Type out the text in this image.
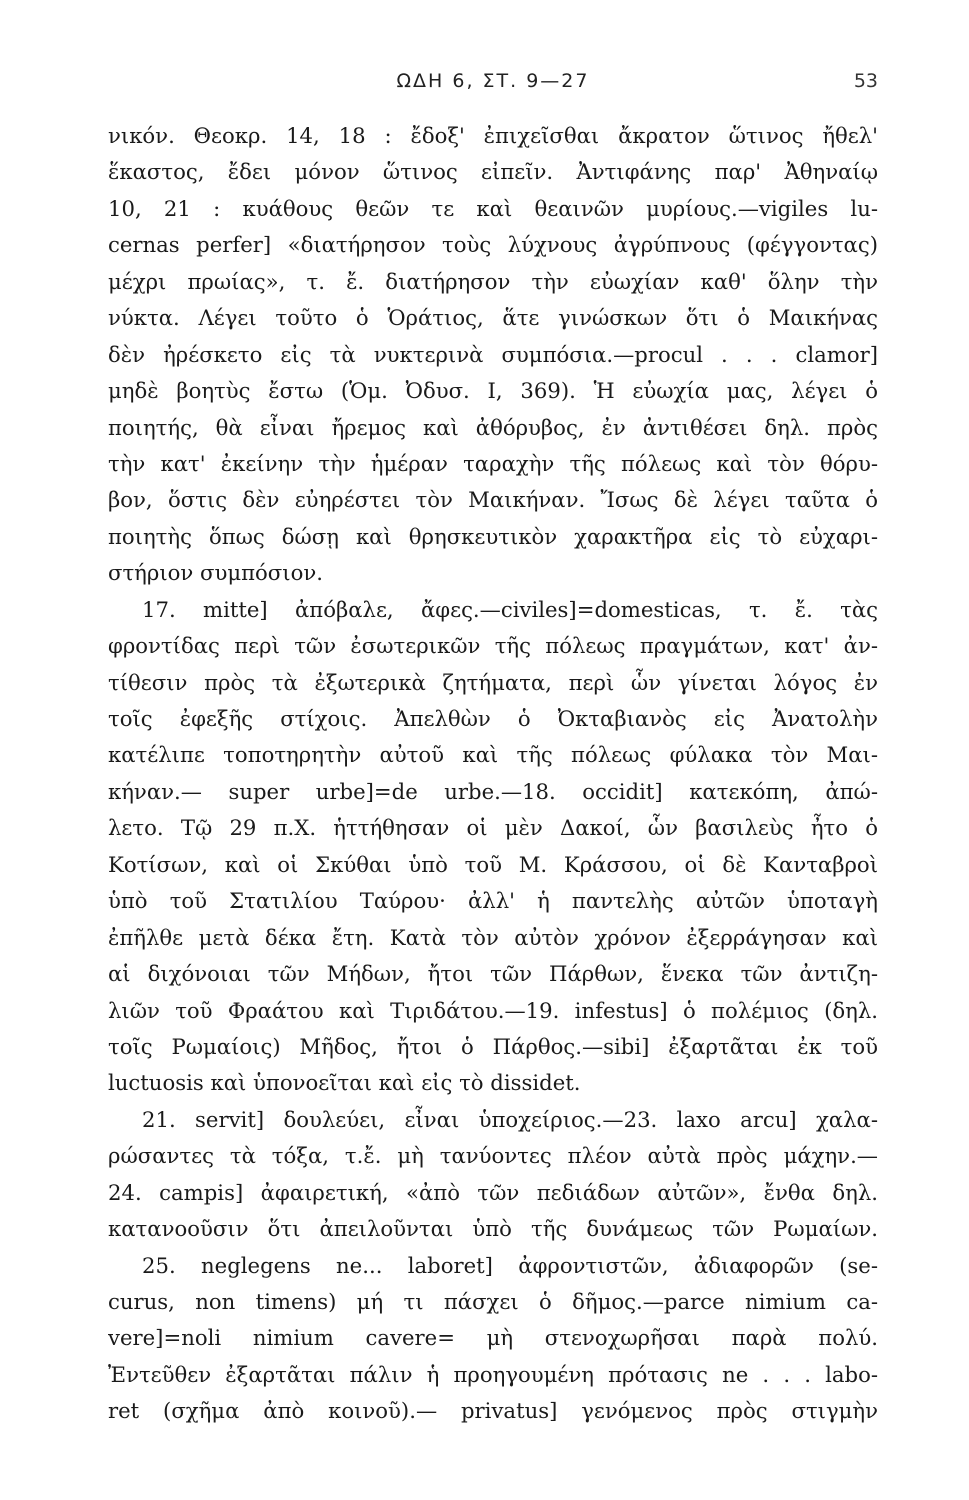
ΩΔΗ 6, ΣΤ. 9—27	53
νικόν. Θεοκρ. 14, 18 : ἔδοξ' ἐπιχεῖσθαι ἄκρατον ὥτινος ἤθελ'
ἕκαστος, ἔδει μόνον ὥτινος εἰπεῖν. Ἀντιφάνης παρ' Ἀθηναίῳ
10, 21 : κυάθους θεῶν τε καὶ θεαινῶν μυρίους.—vigiles lu-
cernas perfer] «διατήρησον τοὺς λύχνους ἀγρύπνους (φέγγοντας)
μέχρι πρωίας», τ. ἔ. διατήρησον τὴν εὐωχίαν καθ' ὅλην τὴν
νύκτα. Λέγει τοῦτο ὁ Ὁράτιος, ἅτε γινώσκων ὅτι ὁ Μαικήνας
δὲν ἠρέσκετο εἰς τὰ νυκτερινὰ συμπόσια.—procul . . . clamor]
μηδὲ βοητὺς ἔστω (Ὁμ. Ὀδυσ. Ι, 369). Ἡ εὐωχία μας, λέγει ὁ
ποιητής, θὰ εἶναι ἤρεμος καὶ ἀθόρυβος, ἐν ἀντιθέσει δηλ. πρὸς
τὴν κατ' ἐκείνην τὴν ἡμέραν ταραχὴν τῆς πόλεως καὶ τὸν θόρυ-
βον, ὅστις δὲν εὐηρέστει τὸν Μαικήναν. Ἴσως δὲ λέγει ταῦτα ὁ
ποιητὴς ὅπως δώσῃ καὶ θρησκευτικὸν χαρακτῆρα εἰς τὸ εὐχαρι-
στήριον συμπόσιον.
17. mitte] ἀπόβαλε, ἄφες.—civiles]=domesticas, τ. ἔ. τὰς
φροντίδας περὶ τῶν ἐσωτερικῶν τῆς πόλεως πραγμάτων, κατ' ἀν-
τίθεσιν πρὸς τὰ ἐξωτερικὰ ζητήματα, περὶ ὧν γίνεται λόγος ἐν
τοῖς ἐφεξῆς στίχοις. Ἀπελθὼν ὁ Ὀκταβιανὸς εἰς Ἀνατολὴν
κατέλιπε τοποτηρητὴν αὐτοῦ καὶ τῆς πόλεως φύλακα τὸν Μαι-
κήναν.— super urbe]=de urbe.—18. occidit] κατεκόπη, ἀπώ-
λετο. Τῷ 29 π.Χ. ἡττήθησαν οἱ μὲν Δακοί, ὧν βασιλεὺς ἦτο ὁ
Κοτίσων, καὶ οἱ Σκύθαι ὑπὸ τοῦ Μ. Κράσσου, οἱ δὲ Κανταβροὶ
ὑπὸ τοῦ Στατιλίου Ταύρου· ἀλλ' ἡ παντελὴς αὐτῶν ὑποταγὴ
ἐπῆλθε μετὰ δέκα ἔτη. Κατὰ τὸν αὐτὸν χρόνον ἐξερράγησαν καὶ
αἱ διχόνοιαι τῶν Μήδων, ἤτοι τῶν Πάρθων, ἕνεκα τῶν ἀντιζη-
λιῶν τοῦ Φραάτου καὶ Τιριδάτου.—19. infestus] ὁ πολέμιος (δηλ.
τοῖς Ρωμαίοις) Μῆδος, ἤτοι ὁ Πάρθος.—sibi] ἐξαρτᾶται ἐκ τοῦ
luctuosis καὶ ὑπονοεῖται καὶ εἰς τὸ dissidet.
21. servit] δουλεύει, εἶναι ὑποχείριος.—23. laxo arcu] χαλα-
ρώσαντες τὰ τόξα, τ.ἔ. μὴ τανύοντες πλέον αὐτὰ πρὸς μάχην.—
24. campis] ἀφαιρετική, «ἀπὸ τῶν πεδιάδων αὐτῶν», ἔνθα δηλ.
κατανοοῦσιν ὅτι ἀπειλοῦνται ὑπὸ τῆς δυνάμεως τῶν Ρωμαίων.
25. neglegens ne... laboret] ἀφροντιστῶν, ἀδιαφορῶν (se-
curus, non timens) μή τι πάσχει ὁ δῆμος.—parce nimium ca-
vere]=noli nimium cavere= μὴ στενοχωρῆσαι παρὰ πολύ.
Ἐντεῦθεν ἐξαρτᾶται πάλιν ἡ προηγουμένη πρότασις ne . . . labo-
ret (σχῆμα ἀπὸ κοινοῦ).— privatus] γενόμενος πρὸς στιγμὴν
